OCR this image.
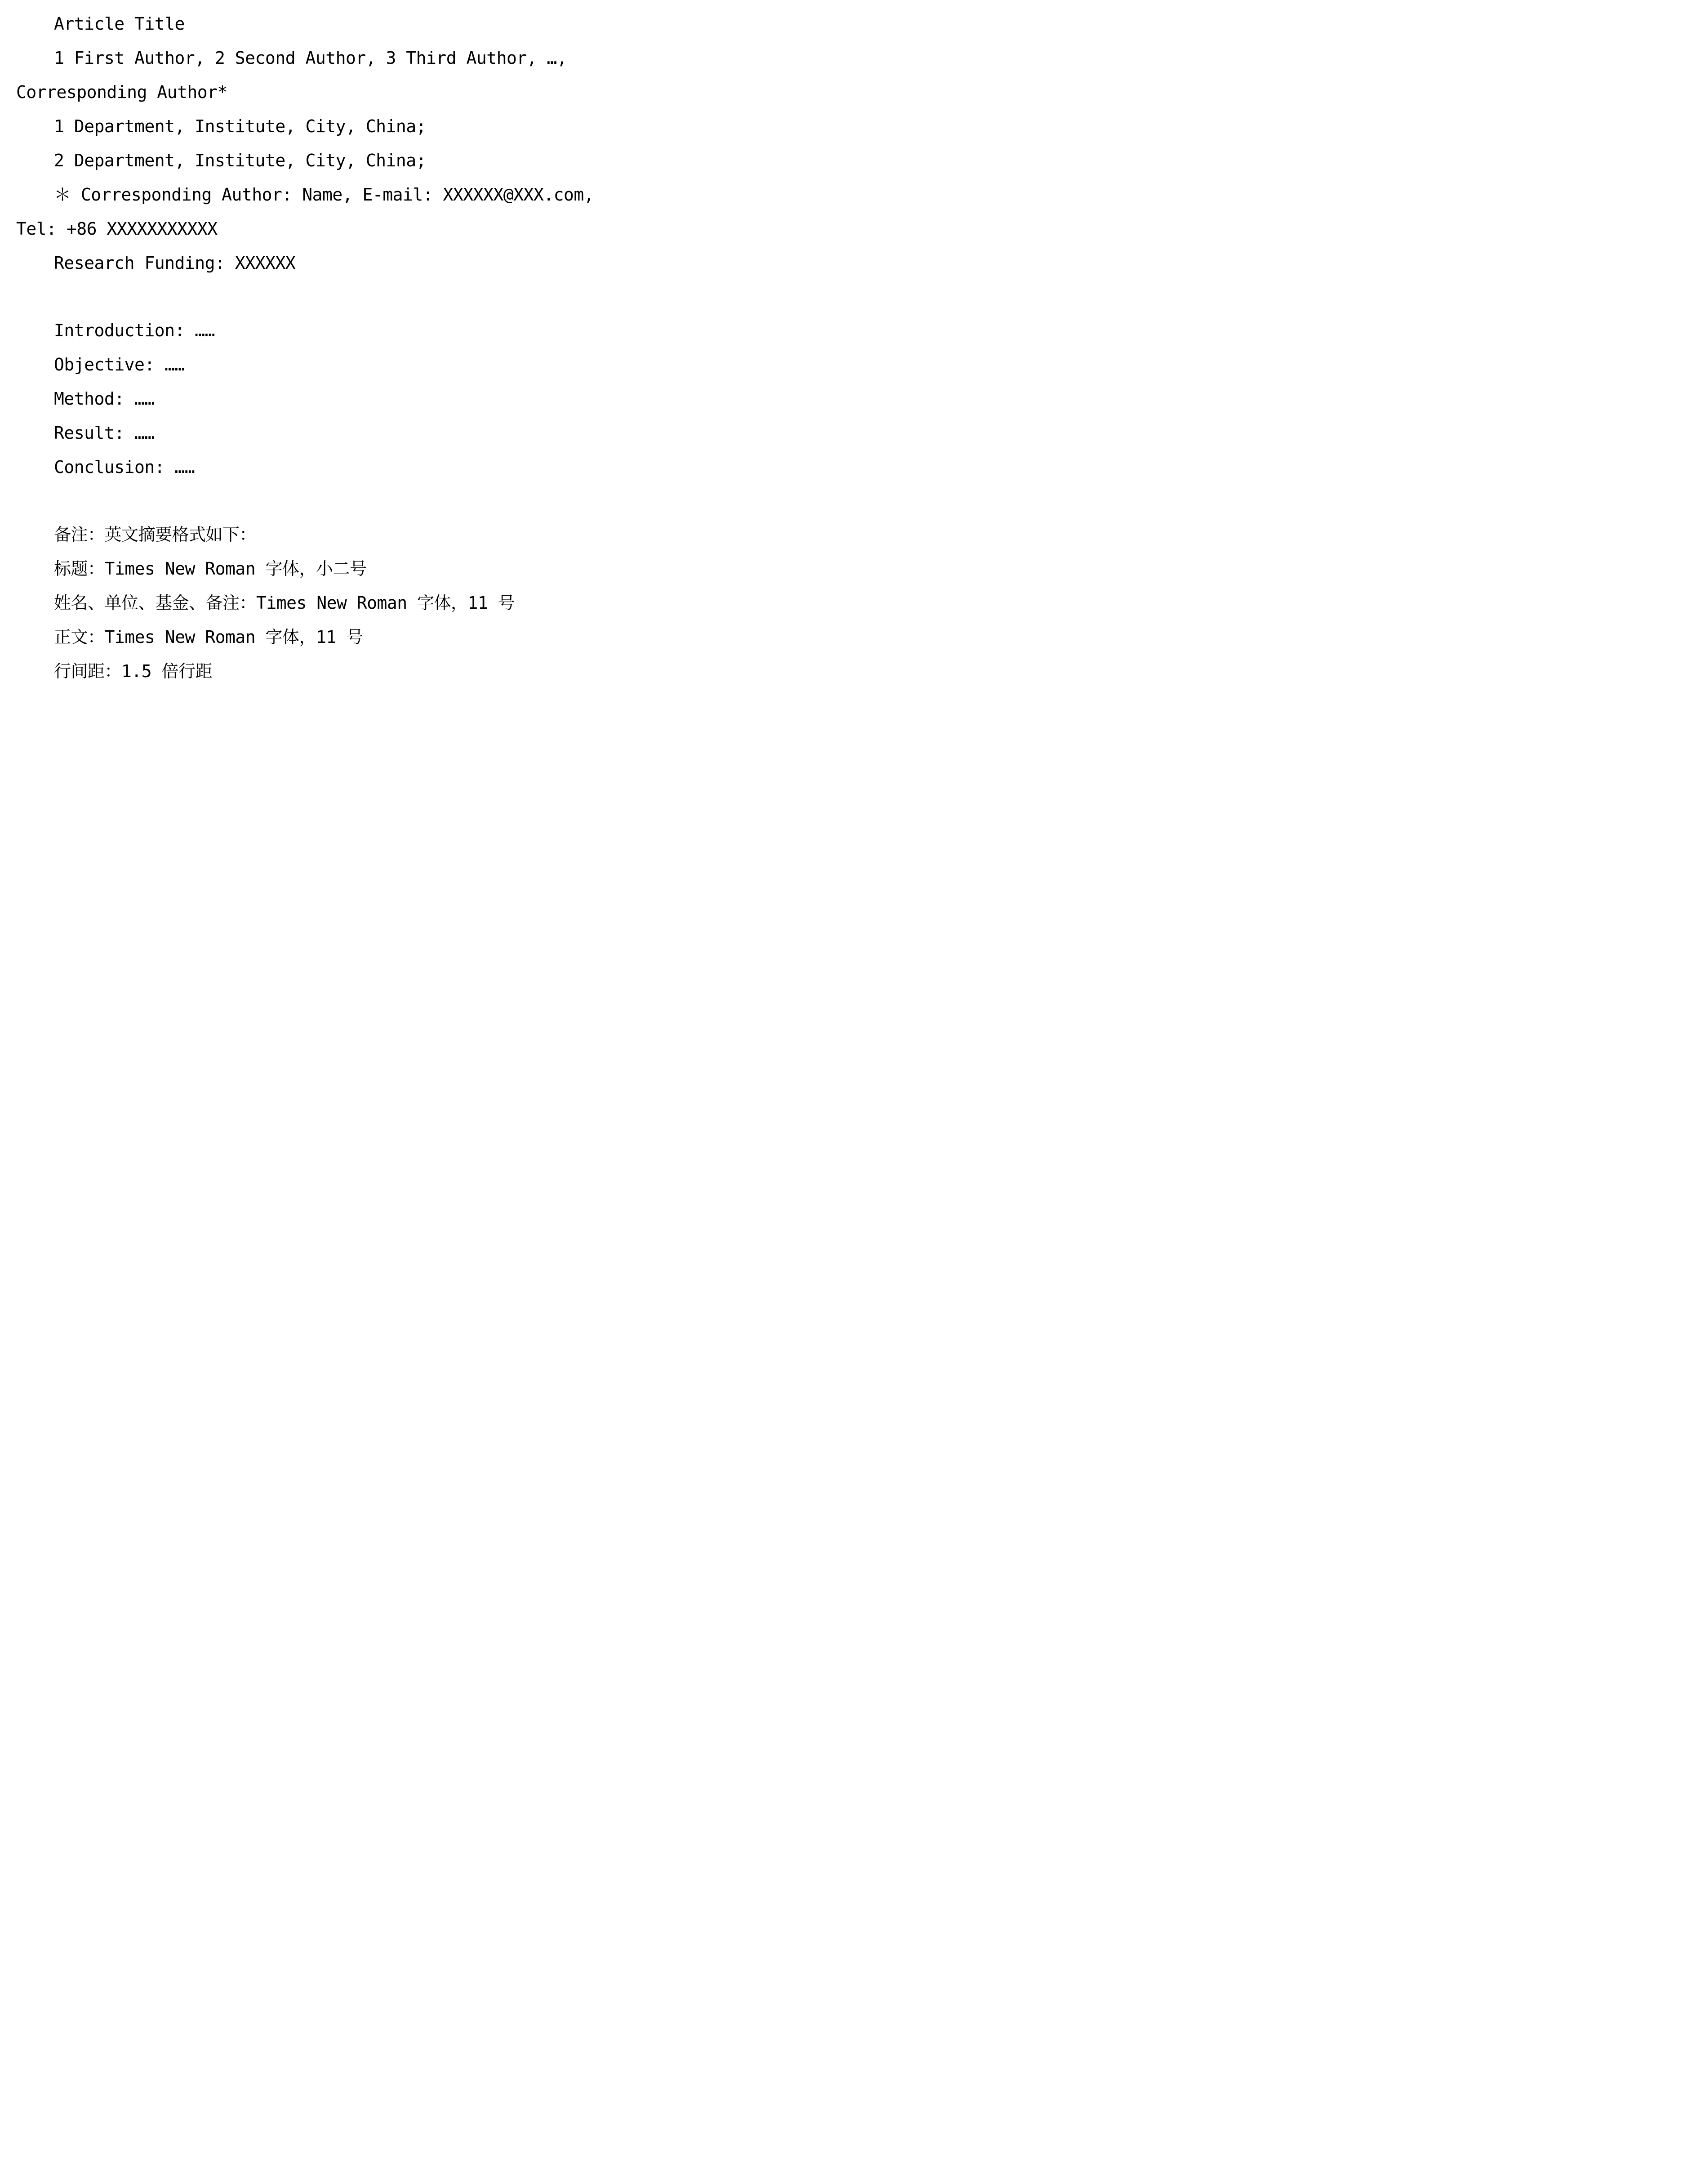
Article Title
1 First Author, 2 Second Author, 3 Third Author, …,
Corresponding Author*
1 Department, Institute, City, China;
2 Department, Institute, City, China;
＊ Corresponding Author: Name, E-mail: XXXXXX@XXX.com,
Tel: +86 XXXXXXXXXXX
Research Funding: XXXXXX
Introduction: ……
Objective: ……
Method: ……
Result: ……
Conclusion: ……
备注：英文摘要格式如下：
标题：Times New Roman 字体，小二号
姓名、单位、基金、备注：Times New Roman 字体，11 号
正文：Times New Roman 字体，11 号
行间距：1.5 倍行距
